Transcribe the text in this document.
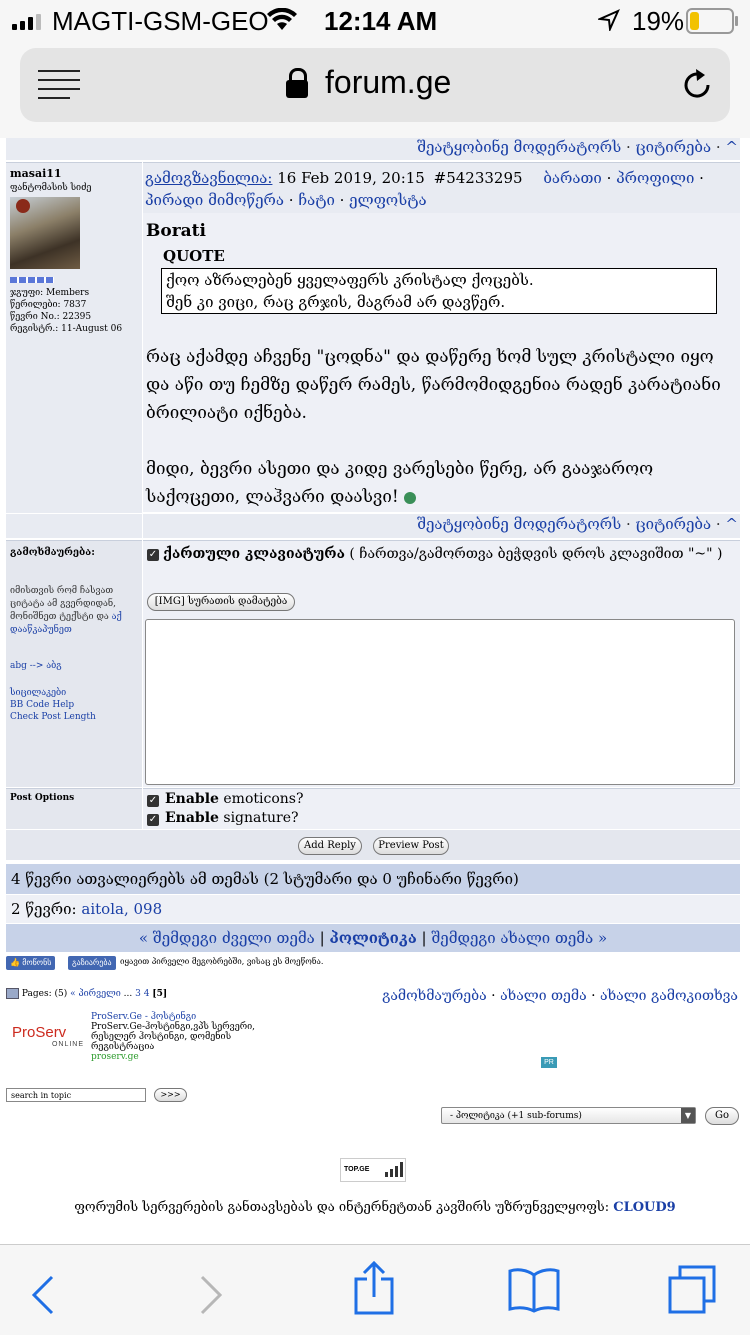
MAGTI-GSM-GEO 12:14 AM	19%
forum.ge
შეატყობინე მოდერატორს · ციტირება · ^
masai11
ფანტომასის სიძე
ჯგუფი: Members
წერილები: 7837
წევრი No.: 22395
რეგისტრ.: 11-August 06
გამოგზავნილია: 16 Feb 2019, 20:15 #54233295 ბარათი · პროფილი · პირადი მიმოწერა · ჩატი · ელფოსტა
Borati
QUOTE
ქოო აზრალებენ ყველაფერს კრისტალ ქოცებს.
შენ კი ვიცი, რაც გრჯის, მაგრამ არ დავწერ.
რაც აქამდე აჩვენე "ცოდნა" და დაწერე ხომ სულ კრისტალი იყო და აწი თუ ჩემზე დაწერ რამეს, წარმომიდგენია რადენ კარატიანი ბრილიატი იქნება.
მიდი, ბევრი ასეთი და კიდე ვარესები წერე, არ გააჯაროო საქოცეთი, ლაჰვარი დაასვი!
შეატყობინე მოდერატორს · ციტირება · ^
გამოხმაურება:
იმისთვის რომ ჩასვათ ციტატა ამ გვერდიდან, მონიშნეთ ტექსტი და აქ დააწკაპუნეთ
abg --> აბგ
სიცილაკები
BB Code Help
Check Post Length
✓ ქართული კლავიატურა ( ჩართვა/გამორთვა ბეჭდვის დროს კლავიშით "~" )
[IMG] სურათის დამატება
Post Options	✓ Enable emoticons?
✓ Enable signature?
Add Reply	Preview Post
4 წევრი ათვალიერებს ამ თემას (2 სტუმარი და 0 უჩინარი წევრი)
2 წევრი: aitola, 098
« შემდეგი ძველი თემა | პოლიტიკა | შემდეგი ახალი თემა »
👍 მოწონს	გაზიარება	იყავით პირველი მეგობრებში, ვისაც ეს მოეწონა.
Pages: (5) « პირველი ... 3 4 [5]	გამოხმაურება · ახალი თემა · ახალი გამოკითხვა
ProServ
ONLINE
ProServ.Ge - ჰოსტინგი
ProServ.Ge-ჰოსტინგი,ვპს სერვერი, რესელერ ჰოსტინგი, დომენის რეგისტრაცია
proserv.ge
PR
search in topic	>>>
- პოლიტიკა (+1 sub-forums)	▼	Go
TOP.GE
ფორუმის სერვერების განთავსებას და ინტერნეტთან კავშირს უზრუნველყოფს: CLOUD9
